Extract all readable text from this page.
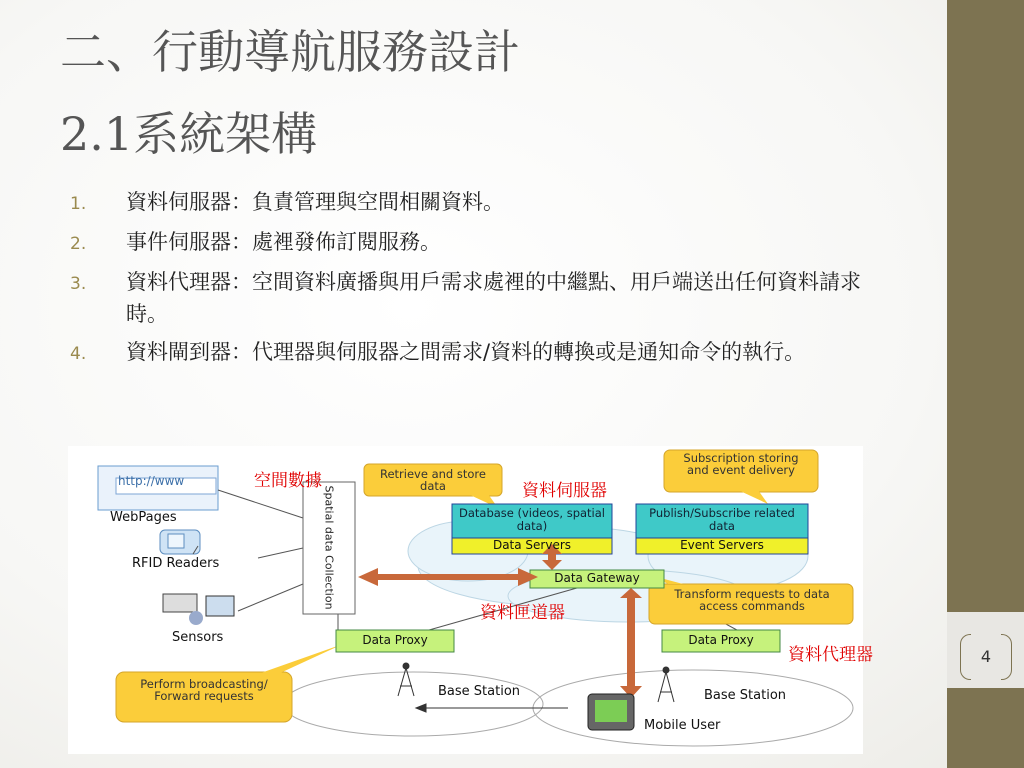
4
二、行動導航服務設計
2.1系統架構
1.	資料伺服器：負責管理與空間相關資料。
2.	事件伺服器：處裡發佈訂閱服務。
3.	資料代理器：空間資料廣播與用戶需求處裡的中繼點、用戶端送出任何資料請求時。
4.	資料閘到器：代理器與伺服器之間需求/資料的轉換或是通知命令的執行。
空間數據	資料伺服器
資料匣道器
資料代理器
http://www
WebPages
RFID Readers
Sensors
Spatial data Collection
Retrieve and store data
Subscription storing and event delivery
Transform requests to data access commands
Perform broadcasting/ Forward requests
Database (videos, spatial data)
Data Servers
Publish/Subscribe related data
Event Servers
Data Gateway
Data Proxy	Data Proxy
Base Station	Base Station
Mobile User
